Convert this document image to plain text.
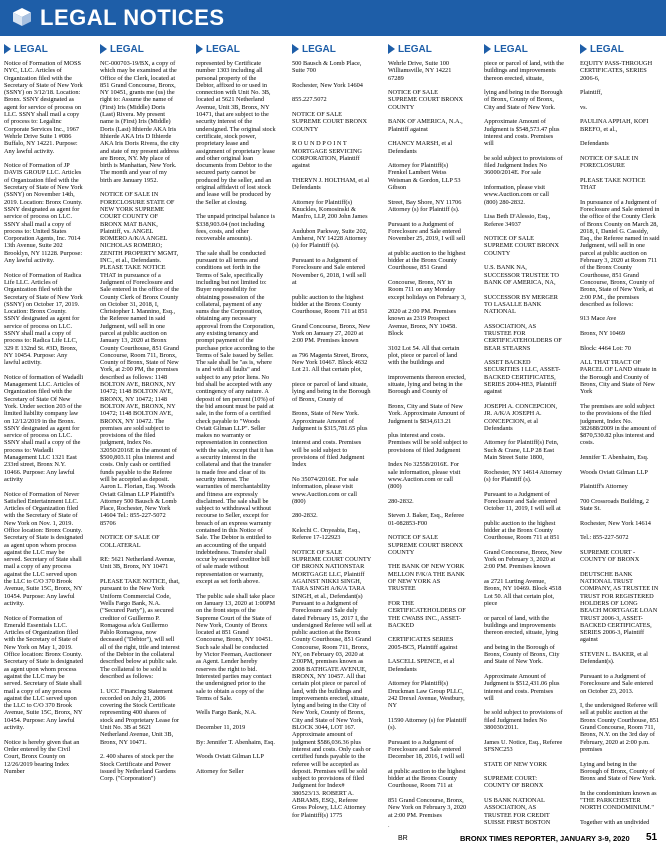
LEGAL NOTICES
LEGAL
Notice of Formation of MOSS NYC, LLC. Articles of Organization filed with the Secretary of State of New York (SSNY) on 3/12/18. Location: Bronx. SSNY designated as agent for service of process on LLC. SSNY shall mail a copy of process to: Legalinc Corporate Services Inc., 1967 Wehrle Drive Suite 1 #086 Buffalo, NY 14221. Purpose: Any lawful activity.

Notice of Formation of JP DAVIS GROUP LLC. Articles of Organization filed with the Secretary of State of New York (SSNY) on November 14th, 2019. Location: Bronx County. SSNY designated as agent for service of process on LLC. SSNY shall mail a copy of process to: United States Corporation Agents, Inc. 7014 13th Avenue, Suite 202 Brooklyn, NY 11228. Purpose: Any lawful activity.

Notice of Formation of Radica Life LLC. Articles of Organization filed with the Secretary of State of New York (SSNY) on October 17, 2019. Location: Bronx County. SSNY designated as agent for service of process on LLC. SSNY shall mail a copy of process to: Radica Life LLC, 329 E 132nd St. #3D, Bronx, NY 10454. Purpose: Any lawful activity.

Notice of formation of Wadadli Management LLC. Articles of Organization filed with the Secretary of State Of New York. Under section 203 of the limited liability company law on 12/12/2019 in the Bronx. SSNY designated as agent for service of process on LLC. SSNY shall mail a copy of the process to: Wadadli Management LLC 1321 East 233rd street, Bronx N.Y. 10466. Purpose: Any lawful activity

Notice of Formation of Never Satisfied Entertainment LLC. Articles of Organization filed with the Secretary of State of New York on Nov. 1, 2019. Office location: Bronx County. Secretary of State is designated as agent upon whom process against the LLC may be served. Secretary of State shall mail a copy of any process against the LLC served upon the LLC to C/O 370 Brook Avenue, Suite 15C, Bronx, NY 10454. Purpose: Any lawful activity.

Notice of Formation of Emerald Essentials LLC. Articles of Organization filed with the Secretary of State of New York on May 1, 2019. Office location: Bronx County. Secretary of State is designated as agent upon whom process against the LLC may be served. Secretary of State shall mail a copy of any process against the LLC served upon the LLC to C/O 370 Brook Avenue, Suite 15C, Bronx, NY 10454. Purpose: Any lawful activity.

Notice is hereby given that an Order entered by the Civil Court, Bronx County on 12/26/2019 bearing Index Number
LEGAL
NC-000703-19/BX, a copy of which may be examined at the Office of the Clerk, located at 851 Grand Concourse, Bronx, NY 10451, grants me (us) the right to: Assume the name of (First) Iris (Middle) Doris (Last) Rivera. My present name is (First) Iris (Middle) Doris (Last) Ithierde AKA Iris Ithierde AKA Iris D Ithierde AKA Iris Doris Rivera, the city and state of my present address are Bronx, NY. My place of birth is Manhattan, New York. The month and year of my birth are January 1952.

NOTICE OF SALE IN FORECLOSURE STATE OF NEW YORK SUPREME COURT COUNTY OF BRONX MAT BANK, Plaintiff, vs. ANGEL ROMERO A/K/A ANGEL NICHOLAS ROMERO; ZENITH PROPERTY MGMT, INC., et al., Defendants. PLEASE TAKE NOTICE THAT in pursuance of a Judgment of Foreclosure and Sale entered in the office of the County Clerk of Bronx County on October 31, 2018, I, Christopher I. Mannino, Esq., the Referee named in said Judgment, will sell in one parcel at public auction on January 13, 2020 at Bronx County Courthouse, 851 Grand Concourse, Room 711, Bronx, County of Bronx, State of New York, at 2:00 PM, the premises described as follows: 1148 BOLTON AVE, BRONX, NY 10472; 1148 BOLTON AVE, BRONX, NY 10472; 1148 BOLTON AVE, BRONX, NY 10472; 1148 BOLTON AVE, BRONX, NY 10472. The premises are sold subject to provisions of the filed judgment, Index No. 32050/2016E in the amount of $500,803.11 plus interest and costs. Only cash or certified funds payable to the Referee will be accepted as deposit. Aaron L. Florian, Esq. Woods Oviatt Gilman LLP Plaintiff's Attorney 500 Bausch & Lomb Place, Rochester, New York 14604 Tel.: 855-227-5072 85706

NOTICE OF SALE OF COLLATERAL

RE: 5621 Netherland Avenue, Unit 3B, Bronx, NY 10471

PLEASE TAKE NOTICE, that, pursuant to the New York Uniform Commercial Code, Wells Fargo Bank, N.A. ("Secured Party"), as secured creditor of Guillermo P. Romagosa a/k/a Guillermo Pablo Romagosa, now deceased ("Debtor"), will sell all of the right, title and interest of the Debtor in the collateral described below at public sale. The collateral to be sold is described as follows:

1. UCC Financing Statement recorded on July 21, 2006 covering the Stock Certificate representing 400 shares of stock and Proprietary Lease for Unit No. 3B at 5621 Netherland Avenue, Unit 3B, Bronx, NY 10471.

2. 400 shares of stock per the Stock Certificate and Power issued by Netherland Gardens Corp. ("Corporation")
LEGAL
represented by Certificate number 1303 including all personal property of the Debtor, affixed to or used in connection with Unit No. 3B, located at 5621 Netherland Avenue, Unit 3B, Bronx, NY 10471, that are subject to the security interest of the undersigned. The original stock certificate, stock power, proprietary lease and assignment of proprietary lease and other original loan documents from Debtor to the secured party cannot be produced by the seller, and an original affidavit of lost stock and lease will be produced by the Seller at closing.

The unpaid principal balance is $338,903.04 (not including fees, costs, and other recoverable amounts).

The sale shall be conducted pursuant to all terms and conditions set forth in the Terms of Sale, specifically including but not limited to: Buyer responsibility for obtaining possession of the collateral, payment of any sums due the Corporation, obtaining any necessary approval from the Corporation, any existing tenancy and prompt payment of the purchase price according to the Terms of Sale issued by Seller. The sale shall be "as is, where is and with all faults" and subject to any prior liens. No bid shall be accepted with any contingency of any nature. A deposit of ten percent (10%) of the bid amount must be paid at sale, in the form of a certified check payable to "Woods Oviatt Gilman LLP". Seller makes no warranty or representation in connection with the sale, except that it has a security interest in the collateral and that the transfer is made free and clear of its security interest. The warranties of merchantability and fitness are expressly disclaimed. The sale shall be subject to withdrawal without recourse to Seller, except for breach of an express warranty contained in this Notice of Sale. The Debtor is entitled to an accounting of the unpaid indebtedness. Transfer shall occur by secured creditor bill of sale made without representation or warranty, except as set forth above.

The public sale shall take place on January 13, 2020 at 1:00PM on the front steps of the Supreme Court of the State of New York, County of Bronx located at 851 Grand Concourse, Bronx, NY 10451. Such sale shall be conducted by Victor Feeman, Auctioneer as Agent. Lender hereby reserves the right to bid. Interested parties may contact the undersigned prior to the sale to obtain a copy of the Terms of Sale.

Wells Fargo Bank, N.A.

December 11, 2019

By: Jennifer T. Abenhaim, Esq.

Woods Oviatt Gilman LLP

Attorney for Seller
LEGAL
500 Bausch & Lomb Place, Suite 700

Rochester, New York 14604

855.227.5072

NOTICE OF SALE SUPREME COURT BRONX COUNTY

R O U N D P O I N T MORTGAGE SERVICING CORPORATION, Plaintiff against

THERYN J. HOLTHAM, et al Defendants

Attorney for Plaintiff(s) Knuckles, Komosinski & Manfro, LLP, 200 John James

Audubon Parkway, Suite 202, Amherst, NY 14228 Attorney (s) for Plaintiff (s).

Pursuant to a Judgment of Foreclosure and Sale entered November 6, 2018, I will sell at

public auction to the highest bidder at the Bronx County Courthouse, Room 711 at 851

Grand Concourse, Bronx, New York on January 27, 2020 at 2:00 PM. Premises known

as 796 Magenta Street, Bronx, New York 10467. Block 4632 Lot 21. All that certain plot,

piece or parcel of land situate, lying and being in the Borough of Bronx, County of

Bronx, State of New York. Approximate Amount of Judgment is $315,781.65 plus

interest and costs. Premises will be sold subject to provisions of filed Judgment Index

No 35074/2016E. For sale information, please visit www.Auction.com or call (800)

280-2832.

Kelechi C. Onyeabia, Esq., Referee 17-122923

NOTICE OF SALE SUPREME COURT COUNTY OF BRONX NATIONSTAR MORTGAGE LLC, Plaintiff AGAINST NIKKI SINGH, TARA SINGH A/K/A TARA SINGH, et al., Defendant(s) Pursuant to a Judgment of Foreclosure and Sale duly dated February 15, 2017 I, the undersigned Referee will sell at public auction at the Bronx County Courthouse, 851 Grand Concourse, Room 711, Bronx, NY, on February 03, 2020 at 2:00PM, premises known as 2008 BATHGATE AVENUE, BRONX, NY 10457. All that certain plot piece or parcel of land, with the buildings and improvements erected, situate, lying and being in the City of New York, County of Bronx, City and State of New York, BLOCK 3044, LOT 167. Approximate amount of judgment $586,036.36 plus interest and costs. Only cash or certified funds payable to the referee will be accepted as deposit. Premises will be sold subject to provisions of filed Judgment for Index# 380523/13. ROBERT A. ABRAMS, ESQ., Referee Gross Polowy, LLC Attorney for Plaintiff(s) 1775
LEGAL
Wehrle Drive, Suite 100 Williamsville, NY 14221 67289

NOTICE OF SALE SUPREME COURT BRONX COUNTY

BANK OF AMERICA, N.A., Plaintiff against

CHANCY MARSH, et al Defendants

Attorney for Plaintiff(s) Frenkel Lambert Weiss Weisman & Gordon, LLP 53 Gibson

Street, Bay Shore, NY 11706 Attorney (s) for Plaintiff (s).

Pursuant to a Judgment of Foreclosure and Sale entered November 25, 2019, I will sell

at public auction to the highest bidder at the Bronx County Courthouse, 851 Grand

Concourse, Bronx, NY in Room 711 on any Monday except holidays on February 3,

2020 at 2:00 PM. Premises known as 2319 Prospect Avenue, Bronx, NY 10458. Block

3102 Lot 54. All that certain plot, piece or parcel of land with the buildings and

improvements thereon erected, situate, lying and being in the Borough and County of

Bronx, City and State of New York. Approximate Amount of Judgment is $834,613.21

plus interest and costs. Premises will be sold subject to provisions of filed Judgment

Index No 32558/2016E. For sale information, please visit www.Auction.com or call (800)

280-2832.

Steven J. Baker, Esq., Referee 01-082853-F00

NOTICE OF SALE SUPREME COURT BRONX COUNTY

THE BANK OF NEW YORK MELLON F/K/A THE BANK OF NEW YORK AS TRUSTEE

FOR THE CERTIFICATEHOLDERS OF THE CWABS INC., ASSET-BACKED

CERTIFICATES SERIES 2005-BC5, Plaintiff against

LASCELL SPENCE, et al Defendants

Attorney for Plaintiff(s) Druckman Law Group PLLC, 242 Drexel Avenue, Westbury, NY

11590 Attorney (s) for Plaintiff (s).

Pursuant to a Judgment of Foreclosure and Sale entered December 18, 2016, I will sell

at public auction to the highest bidder at the Bronx County Courthouse, Room 711 at

851 Grand Concourse, Bronx, New York on February 3, 2020 at 2:00 PM. Premises

LEGAL
piece or parcel of land, with the buildings and improvements thereon erected, situate,

lying and being in the Borough of Bronx, County of Bronx, City and State of New York.

Approximate Amount of Judgment is $548,573.47 plus interest and costs. Premises will

be sold subject to provisions of filed Judgment Index No 36000/2014E. For sale

information, please visit www.Auction.com or call (800) 280-2832.

Lisa Beth D'Alessio, Esq., Referee 34937

NOTICE OF SALE SUPREME COURT BRONX COUNTY

U.S. BANK NA, SUCCESSOR TRUSTEE TO BANK OF AMERICA, NA,

SUCCESSOR BY MERGER TO LASALLE BANK NATIONAL

ASSOCIATION, AS TRUSTEE FOR CERTIFICATEHOLDERS OF BEAR STEARNS

ASSET BACKED SECURITIES I LLC, ASSET-BACKED CERTIFICATES, SERIES 2004-HE3, Plaintiff against

JOSEPH A. CONCEPCION, JR. A/K/A JOSEPH A. CONCEPCION, et al Defendants

Attorney for Plaintiff(s) Fein, Such & Crane, LLP 28 East Main Street Suite 1800,

Rochester, NY 14614 Attorney (s) for Plaintiff (s).

Pursuant to a Judgment of Foreclosure and Sale entered October 11, 2019, I will sell at

public auction to the highest bidder at the Bronx County Courthouse, Room 711 at 851

Grand Concourse, Bronx, New York on February 3, 2020 at 2:00 PM. Premises known

as 2721 Lurting Avenue, Bronx, NY 10469. Block 4518 Lot 50. All that certain plot, piece

or parcel of land, with the buildings and improvements thereon erected, situate, lying

and being in the Borough of Bronx, County of Bronx, City and State of New York.

Approximate Amount of Judgment is $512,431.06 plus interest and costs. Premises will

be sold subject to provisions of filed Judgment Index No 380030/2011.

James U. Notice, Esq., Referee SFSNC253

STATE OF NEW YORK

SUPREME COURT: COUNTY OF BRONX

US BANK NATIONAL ASSOCIATION, AS TRUSTEE FOR CREDIT SUISSE FIRST BOSTON
LEGAL
EQUITY PASS-THROUGH CERTIFICATES, SERIES 2006-6,

Plaintiff,

vs.

PAULINA APPIAH, KOFI BREFO, et al.,

Defendants

NOTICE OF SALE IN FORECLOSURE

PLEASE TAKE NOTICE THAT

In pursuance of a Judgment of Foreclosure and Sale entered in the office of the County Clerk of Bronx County on March 28, 2018, I, Daniel G. Cassidy, Esq., the Referee named in said Judgment, will sell in one parcel at public auction on February 3, 2020 at Room 711 of the Bronx County Courthouse, 851 Grand Concourse, Bronx, County of Bronx, State of New York, at 2:00 P.M., the premises described as follows:

913 Mace Ave

Bronx, NY 10469

Block: 4464 Lot: 70

ALL THAT TRACT OF PARCEL OF LAND situate in the Borough and County of Bronx, City and State of New York

The premises are sold subject to the provisions of the filed judgment, Index No. 382688/2009 in the amount of $870,530.82 plus interest and costs.

Jennifer T. Abenhaim, Esq.

Woods Oviatt Gilman LLP

Plaintiff's Attorney

700 Crossroads Building, 2 State St.

Rochester, New York 14614

Tel.: 855-227-5072

SUPREME COURT - COUNTY OF BRONX

DEUTSCHE BANK NATIONAL TRUST COMPANY, AS TRUSTEE IN TRUST FOR REGISTERED HOLDERS OF LONG BEACH MORTGAGE LOAN TRUST 2006-3, ASSET-BACKED CERTIFICATES, SERIES 2006-3, Plaintiff against

STEVEN L. BAKER, et al Defendant(s).

Pursuant to a Judgment of Foreclosure and Sale entered on October 23, 2013.

I, the undersigned Referee will sell at public auction at the Bronx County Courthouse, 851 Grand Concourse, Room 711, Bronx, N.Y. on the 3rd day of February, 2020 at 2:00 p.m. premises

Lying and being in the Borough of Bronx, County of Bronx and State of New York.

In the condominium known as "THE PARKCHESTER NORTH CONDOMINIUM."

Together with an undivided

BR	BRONX TIMES REPORTER, JANUARY 3-9, 2020 51
